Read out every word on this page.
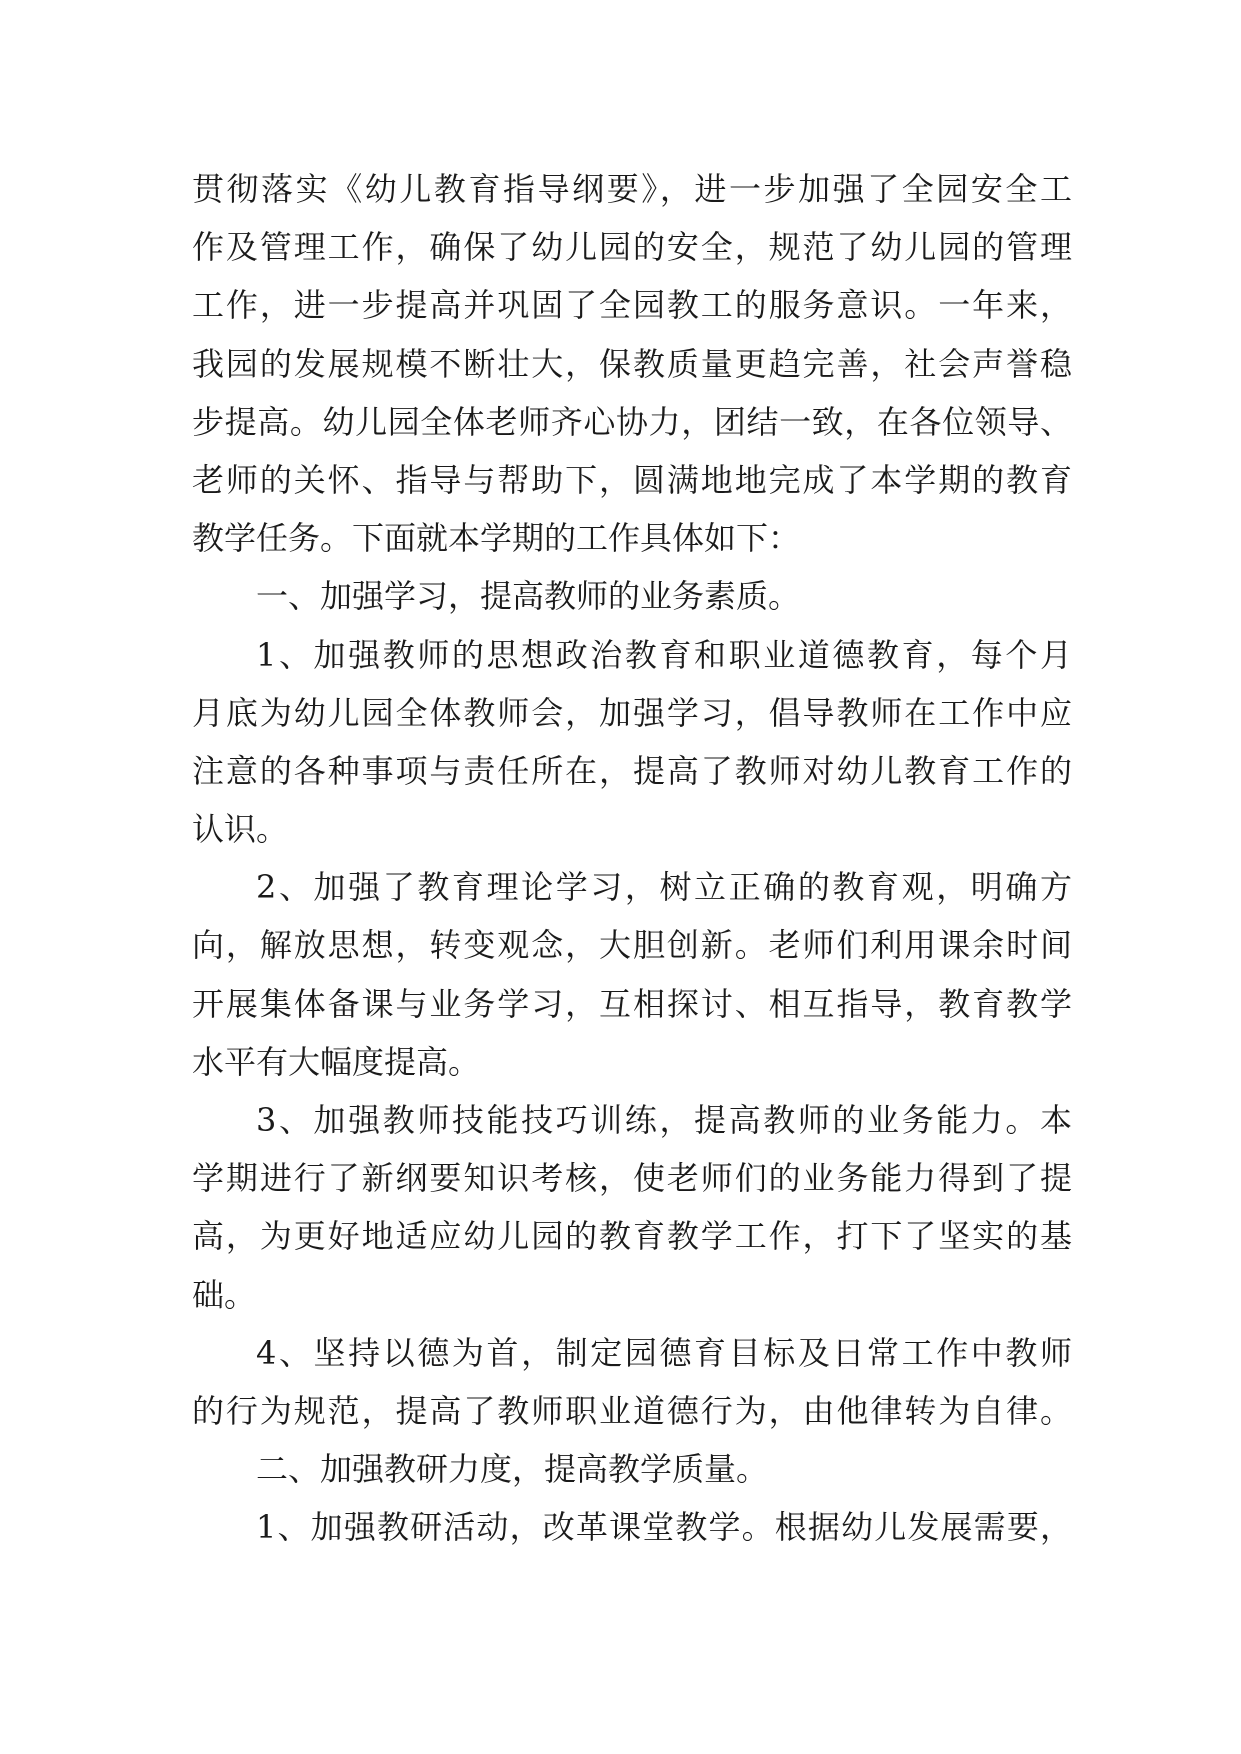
贯彻落实《幼儿教育指导纲要》，进一步加强了全园安全工
作及管理工作，确保了幼儿园的安全，规范了幼儿园的管理
工作，进一步提高并巩固了全园教工的服务意识。一年来，
我园的发展规模不断壮大，保教质量更趋完善，社会声誉稳
步提高。幼儿园全体老师齐心协力，团结一致，在各位领导、
老师的关怀、指导与帮助下，圆满地地完成了本学期的教育
教学任务。下面就本学期的工作具体如下：
一、加强学习，提高教师的业务素质。
1、加强教师的思想政治教育和职业道德教育，每个月
月底为幼儿园全体教师会，加强学习，倡导教师在工作中应
注意的各种事项与责任所在，提高了教师对幼儿教育工作的
认识。
2、加强了教育理论学习，树立正确的教育观，明确方
向，解放思想，转变观念，大胆创新。老师们利用课余时间
开展集体备课与业务学习，互相探讨、相互指导，教育教学
水平有大幅度提高。
3、加强教师技能技巧训练，提高教师的业务能力。本
学期进行了新纲要知识考核，使老师们的业务能力得到了提
高，为更好地适应幼儿园的教育教学工作，打下了坚实的基
础。
4、坚持以德为首，制定园德育目标及日常工作中教师
的行为规范，提高了教师职业道德行为，由他律转为自律。
二、加强教研力度，提高教学质量。
1、加强教研活动，改革课堂教学。根据幼儿发展需要，
